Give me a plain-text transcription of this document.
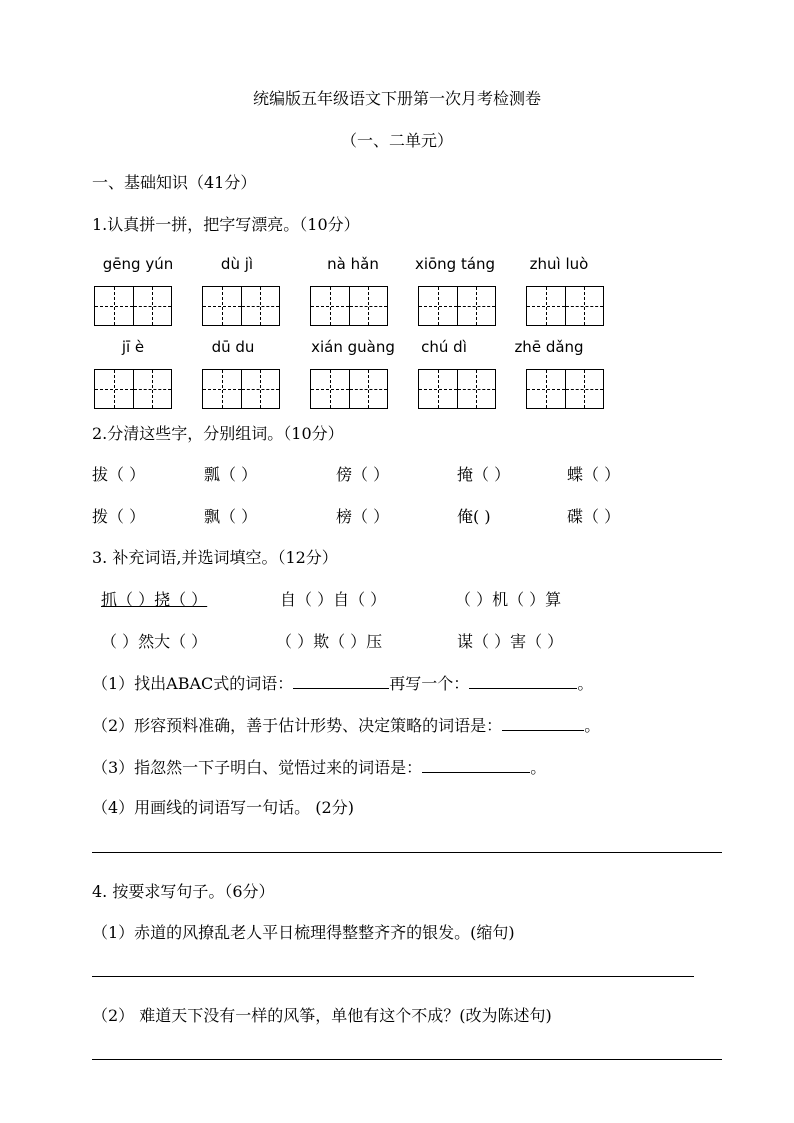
统编版五年级语文下册第一次月考检测卷
（一、二单元）
一、基础知识（41分）
1.认真拼一拼，把字写漂亮。（10分）
gēng yún	dù jì	nà hǎn	xiōng táng	zhuì luò
jī è	dū du	xián guàng	chú dì	zhē dǎng
2.分清这些字，分别组词。（10分）
拔（ ）	瓢（ ）	傍（ ）	掩（ ）	蝶（ ）
拨（ ）	飘（ ）	榜（ ）	俺( )	碟（ ）
3. 补充词语,并选词填空。（12分）
抓（ ）挠（ ）	自（ ）自（ ）	（ ）机（ ）算
（ ）然大（ ）	（ ）欺（ ）压	谋（ ）害（ ）
（1）找出ABAC式的词语：	再写一个：	。
（2）形容预料准确，善于估计形势、决定策略的词语是：	。
（3）指忽然一下子明白、觉悟过来的词语是：	。
（4）用画线的词语写一句话。 (2分)
4. 按要求写句子。（6分）
（1）赤道的风撩乱老人平日梳理得整整齐齐的银发。(缩句)
（2） 难道天下没有一样的风筝，单他有这个不成？(改为陈述句)
